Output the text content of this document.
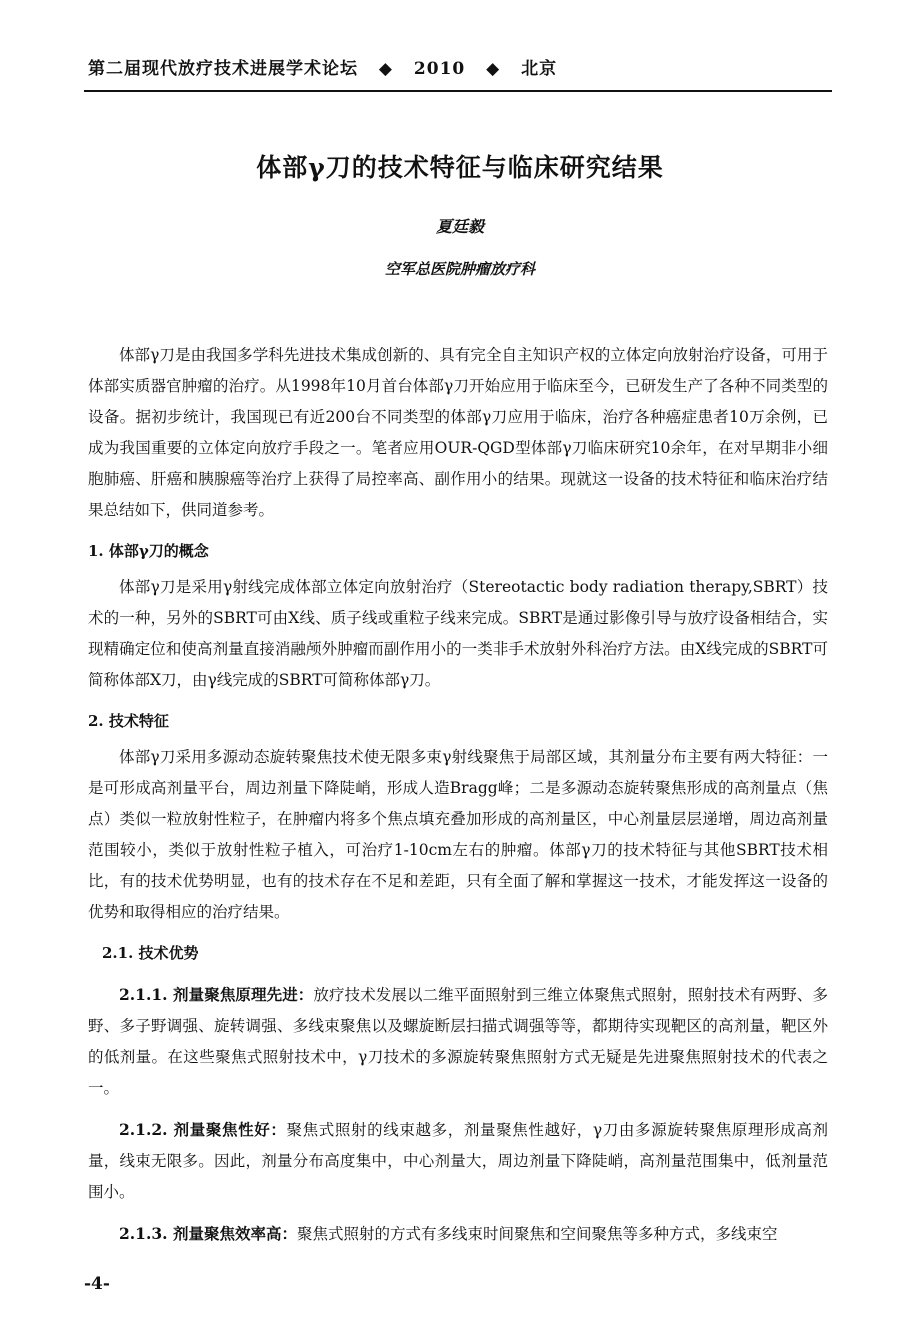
第二届现代放疗技术进展学术论坛 ◆ 2010 ◆ 北京
体部γ刀的技术特征与临床研究结果
夏廷毅
空军总医院肿瘤放疗科

体部γ刀是由我国多学科先进技术集成创新的、具有完全自主知识产权的立体定向放射治疗设备，可用于体部实质器官肿瘤的治疗。从1998年10月首台体部γ刀开始应用于临床至今，已研发生产了各种不同类型的设备。据初步统计，我国现已有近200台不同类型的体部γ刀应用于临床，治疗各种癌症患者10万余例，已成为我国重要的立体定向放疗手段之一。笔者应用OUR-QGD型体部γ刀临床研究10余年，在对早期非小细胞肺癌、肝癌和胰腺癌等治疗上获得了局控率高、副作用小的结果。现就这一设备的技术特征和临床治疗结果总结如下，供同道参考。

1. 体部γ刀的概念

体部γ刀是采用γ射线完成体部立体定向放射治疗（Stereotactic body radiation therapy,SBRT）技术的一种，另外的SBRT可由X线、质子线或重粒子线来完成。SBRT是通过影像引导与放疗设备相结合，实现精确定位和使高剂量直接消融颅外肿瘤而副作用小的一类非手术放射外科治疗方法。由X线完成的SBRT可简称体部X刀，由γ线完成的SBRT可简称体部γ刀。

2. 技术特征

体部γ刀采用多源动态旋转聚焦技术使无限多束γ射线聚焦于局部区域，其剂量分布主要有两大特征：一是可形成高剂量平台，周边剂量下降陡峭，形成人造Bragg峰；二是多源动态旋转聚焦形成的高剂量点（焦点）类似一粒放射性粒子，在肿瘤内将多个焦点填充叠加形成的高剂量区，中心剂量层层递增，周边高剂量范围较小，类似于放射性粒子植入，可治疗1-10cm左右的肿瘤。体部γ刀的技术特征与其他SBRT技术相比，有的技术优势明显，也有的技术存在不足和差距，只有全面了解和掌握这一技术，才能发挥这一设备的优势和取得相应的治疗结果。

2.1. 技术优势

2.1.1. 剂量聚焦原理先进：放疗技术发展以二维平面照射到三维立体聚焦式照射，照射技术有两野、多野、多子野调强、旋转调强、多线束聚焦以及螺旋断层扫描式调强等等，都期待实现靶区的高剂量，靶区外的低剂量。在这些聚焦式照射技术中，γ刀技术的多源旋转聚焦照射方式无疑是先进聚焦照射技术的代表之一。

2.1.2. 剂量聚焦性好：聚焦式照射的线束越多，剂量聚焦性越好，γ刀由多源旋转聚焦原理形成高剂量，线束无限多。因此，剂量分布高度集中，中心剂量大，周边剂量下降陡峭，高剂量范围集中，低剂量范围小。

2.1.3. 剂量聚焦效率高：聚焦式照射的方式有多线束时间聚焦和空间聚焦等多种方式，多线束空

-4-
